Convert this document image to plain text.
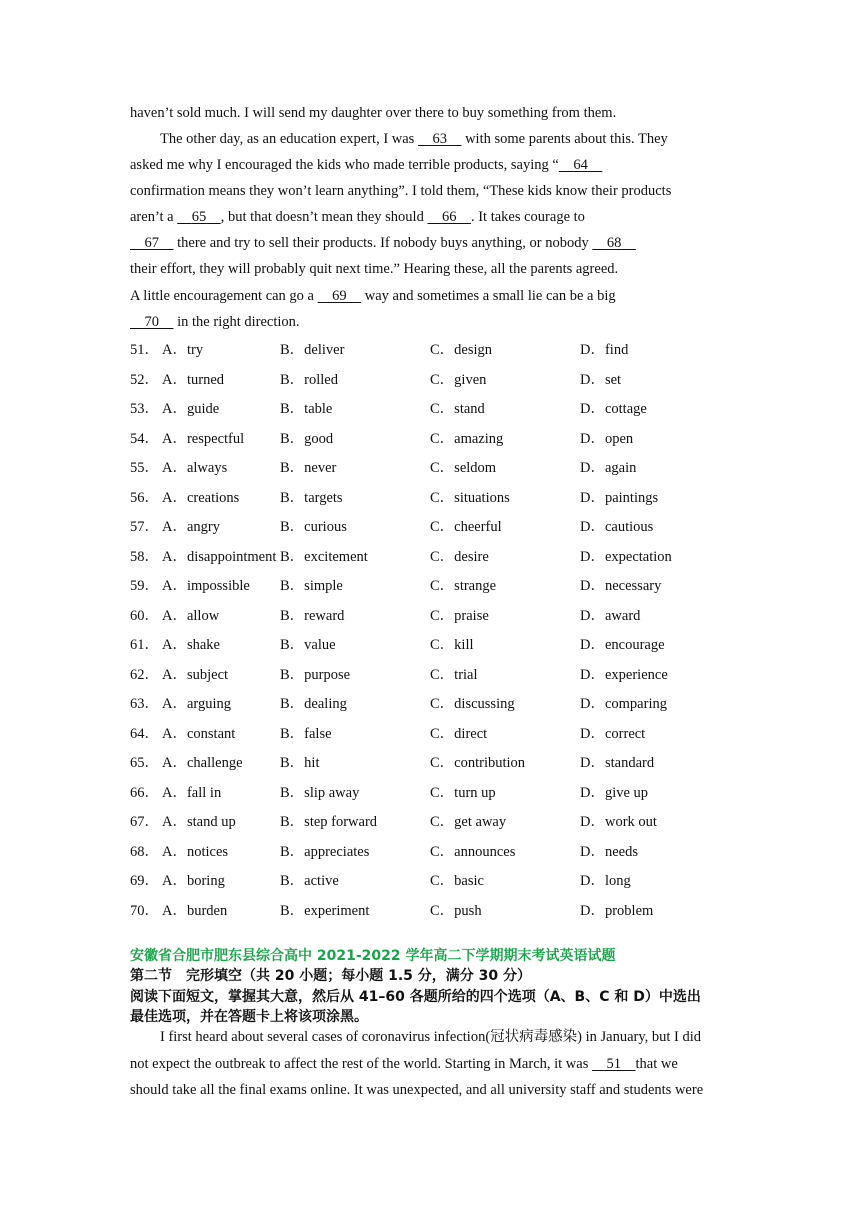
haven’t sold much. I will send my daughter over there to buy something from them.
The other day, as an education expert, I was     63     with some parents about this. They
asked me why I encouraged the kids who made terrible products, saying “ 64
confirmation means they won’t learn anything”. I told them, “These kids know their products
aren’t a     65 , but that doesn’t mean they should     66 . It takes courage to
67     there and try to sell their products. If nobody buys anything, or nobody     68
their effort, they will probably quit next time.” Hearing these, all the parents agreed.
A little encouragement can go a     69     way and sometimes a small lie can be a big
70     in the right direction.
51． A．try	B．deliver	C．design	D．find
52． A．turned	B．rolled	C．given	D．set
53． A．guide	B．table	C．stand	D．cottage
54． A．respectful B．good	C．amazing	D．open
55． A．always	B．never	C．seldom	D．again
56． A．creations	B．targets	C．situations	D．paintings
57． A．angry	B．curious	C．cheerful	D．cautious
58． A．disappointment B．excitement	C．desire	D．expectation
59． A．impossible B．simple	C．strange	D．necessary
60． A．allow	B．reward	C．praise	D．award
61． A．shake	B．value	C．kill	D．encourage
62． A．subject	B．purpose	C．trial	D．experience
63． A．arguing	B．dealing	C．discussing	D．comparing
64． A．constant	B．false	C．direct	D．correct
65． A．challenge	B．hit	C．contribution	D．standard
66． A．fall in	B．slip away	C．turn up	D．give up
67． A．stand up	B．step forward	C．get away	D．work out
68． A．notices	B．appreciates	C．announces	D．needs
69． A．boring	B．active	C．basic	D．long
70． A．burden	B．experiment	C．push	D．problem
安徽省合肥市肥东县综合高中 2021-2022 学年高二下学期期末考试英语试题
第二节　完形填空（共 20 小题；每小题 1.5 分，满分 30 分）
阅读下面短文，掌握其大意，然后从 41–60 各题所给的四个选项（A、B、C 和 D）中选出
最佳选项，并在答题卡上将该项涂黑。
I first heard about several cases of coronavirus infection(冠状病毒感染) in January, but I did
not expect the outbreak to affect the rest of the world. Starting in March, it was     51 that we
should take all the final exams online. It was unexpected, and all university staff and students were
